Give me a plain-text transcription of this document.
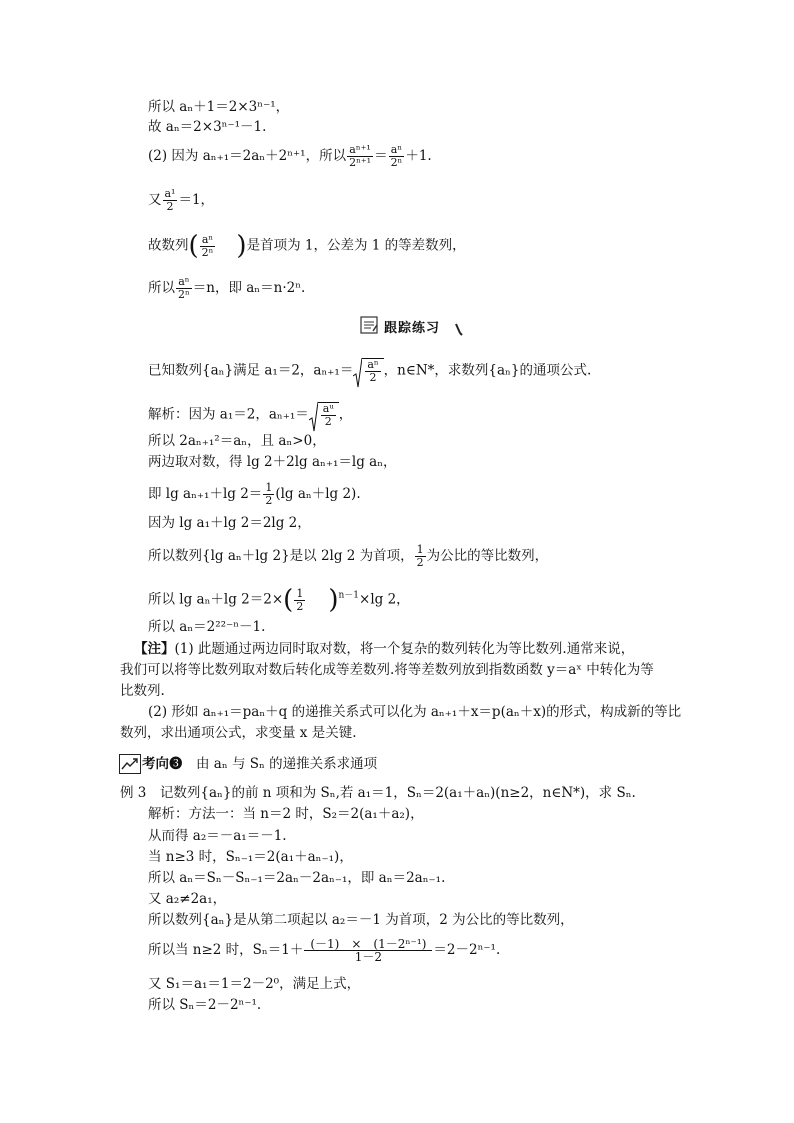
所以 aₙ＋1＝2×3ⁿ⁻¹，
故 aₙ＝2×3ⁿ⁻¹－1.
(2) 因为 aₙ₊₁＝2aₙ＋2ⁿ⁺¹，所以 $\frac{\text{aⁿ⁺¹}}{\text{2ⁿ⁺¹}} = \frac{\text{aⁿ}}{\text{2ⁿ}} +1$.
又 $\frac{\text{a¹}}{2} =1$，
故数列( $\frac{\text{aⁿ}}{\text{2ⁿ}}$ )是首项为 1，公差为 1 的等差数列，
所以 $\frac{\text{aⁿ}}{\text{2ⁿ}} =n$，即 aₙ＝n·2ⁿ.
跟踪练习
已知数列{aₙ}满足 a₁＝2，$a_{n+1}= \frac{\text{aⁿ}}{2}$ ，n∈N*，求数列{aₙ}的通项公式.
解析：因为 a₁＝2，$a_{n+1}= \frac{\text{aᵘ}}{2}$ ，
所以 2aₙ₊₁²＝aₙ，且 aₙ>0，
两边取对数，得 lg 2＋2lg aₙ₊₁＝lg aₙ，
即 lg aₙ₊₁＋lg $2= \frac{1}{2} (\lg$ aₙ＋lg 2).
因为 lg a₁＋lg 2＝2lg 2，
所以数列{lg aₙ＋lg 2}是以 2lg 2 为首项， $\frac{1}{2}$ 为公比的等比数列，
所以 lg aₙ＋lg $2=2\times( \frac{1}{2} )^{n-1}\times\lg$ 2，
所以 aₙ＝2²²⁻ⁿ－1.
【注】(1) 此题通过两边同时取对数，将一个复杂的数列转化为等比数列.通常来说，
我们可以将等比数列取对数后转化成等差数列.将等差数列放到指数函数 y＝aˣ 中转化为等
比数列.
(2) 形如 aₙ₊₁＝paₙ＋q 的递推关系式可以化为 aₙ₊₁＋x＝p(aₙ＋x)的形式，构成新的等比
数列，求出通项公式，求变量 x 是关键.
考向❸　 由 aₙ 与 Sₙ 的递推关系求通项
例 3　记数列{aₙ}的前 n 项和为 Sₙ,若 a₁＝1，Sₙ＝2(a₁＋aₙ)(n≥2，n∈N*)，求 Sₙ.
解析：方法一：当 n＝2 时，S₂＝2(a₁＋a₂)，
从而得 a₂＝－a₁＝－1.
当 n≥3 时，Sₙ₋₁＝2(a₁＋aₙ₋₁)，
所以 aₙ＝Sₙ－Sₙ₋₁＝2aₙ－2aₙ₋₁，即 aₙ＝2aₙ₋₁.
又 a₂≠2a₁，
所以数列{aₙ}是从第二项起以 a₂＝－1 为首项，2 为公比的等比数列，
所以当 n≥2 时，$S_n=1+ \frac{\text{(－1)　×　(1－2ⁿ⁻¹)}}{1-2} =2-2^{n-1}$.
又 S₁＝a₁＝1＝2－2⁰，满足上式，
所以 Sₙ＝2－2ⁿ⁻¹.
